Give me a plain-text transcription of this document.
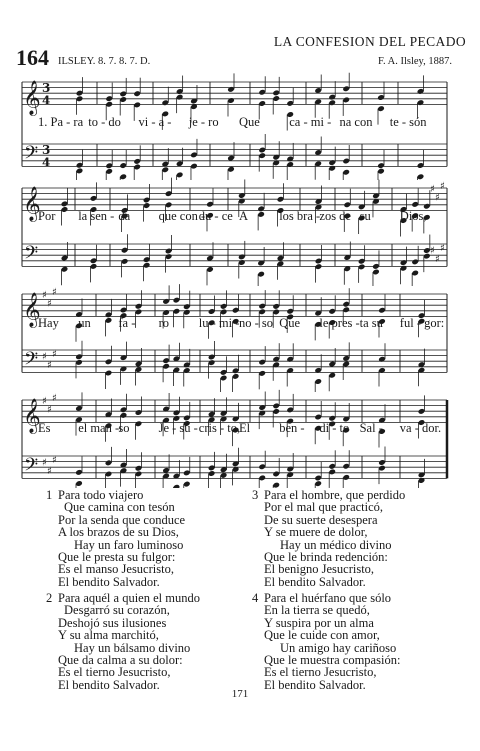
LA CONFESION DEL PECADO
164 ILSLEY. 8. 7. 8. 7. D.	F. A. Ilsley, 1887.
𝄞 3
4
𝄢 3
4
𝄞
𝄢
♯
♯
♯
♯
♯
♯
𝄞 ♯
♯
♯
𝄢 ♯
♯
♯
𝄞 ♯
♯
♯
𝄢 ♯
♯
♯
1. Pa - ra to - do vi - a - je - ro Que ca - mi - na con te - són
Por la sen - da que con -
du - ce A los bra - zos de su Dios,
Hay un fa - ro lu - mi - no - so Que le pres - ta su ful - gor:
Es el man - so Je - su - cris - to,
El ben - di - to Sal - va - dor.
1 Para todo viajero
Que camina con tesón
Por la senda que conduce
A los brazos de su Dios,
Hay un faro luminoso
Que le presta su fulgor:
Es el manso Jesucristo,
El bendito Salvador.
2 Para aquél a quien el mundo
Desgarró su corazón,
Deshojó sus ilusiones
Y su alma marchitó,
Hay un bálsamo divino
Que da calma a su dolor:
Es el tierno Jesucristo,
El bendito Salvador.
3 Para el hombre, que perdido
Por el mal que practicó,
De su suerte desespera
Y se muere de dolor,
Hay un médico divino
Que le brinda redención:
El benigno Jesucristo,
El bendito Salvador.
4 Para el huérfano que sólo
En la tierra se quedó,
Y suspira por un alma
Que le cuide con amor,
Un amigo hay cariñoso
Que le muestra compasión:
Es el tierno Jesucristo,
El bendito Salvador.
171
